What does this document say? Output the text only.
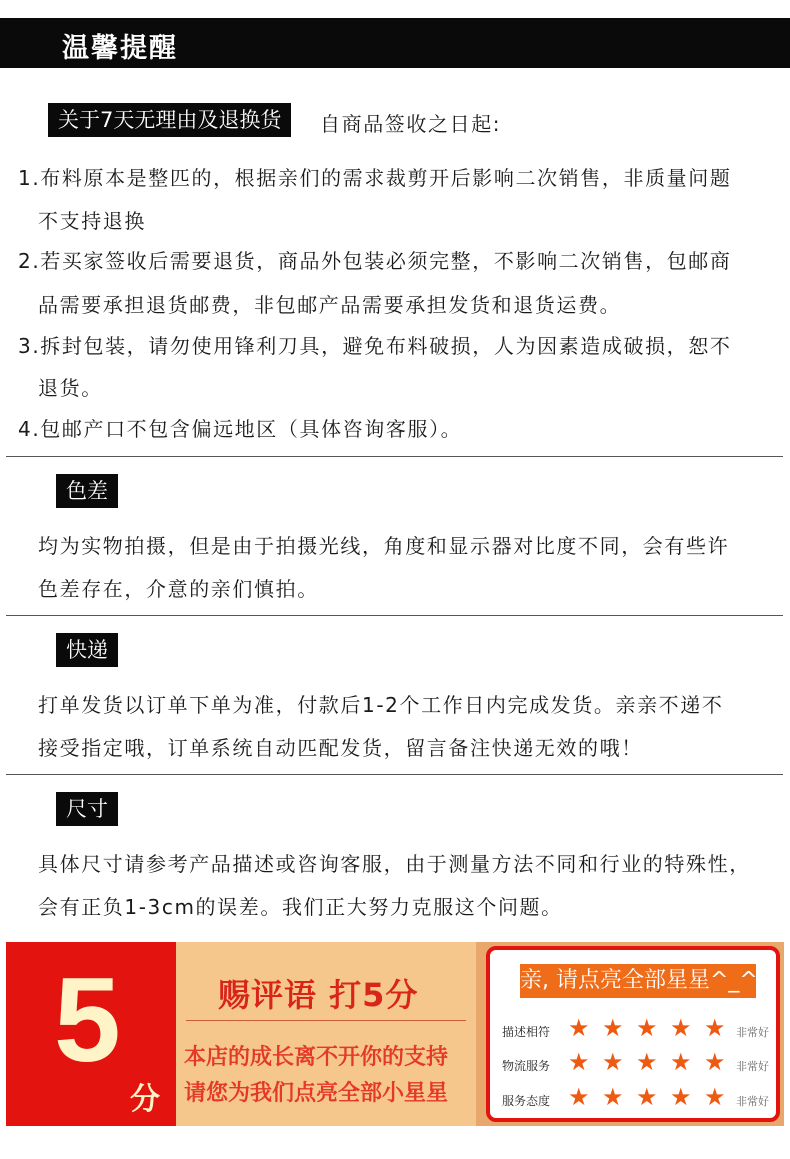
温馨提醒
关于7天无理由及退换货	自商品签收之日起:
1.布料原本是整匹的，根据亲们的需求裁剪开后影响二次销售，非质量问题
不支持退换
2.若买家签收后需要退货，商品外包装必须完整，不影响二次销售，包邮商
品需要承担退货邮费，非包邮产品需要承担发货和退货运费。
3.拆封包装，请勿使用锋利刀具，避免布料破损，人为因素造成破损，恕不
退货。
4.包邮产口不包含偏远地区（具体咨询客服）。
色差
均为实物拍摄，但是由于拍摄光线，角度和显示器对比度不同，会有些许
色差存在，介意的亲们慎拍。
快递
打单发货以订单下单为准，付款后1-2个工作日内完成发货。亲亲不递不
接受指定哦，订单系统自动匹配发货，留言备注快递无效的哦！
尺寸
具体尺寸请参考产品描述或咨询客服，由于测量方法不同和行业的特殊性，
会有正负1-3cm的误差。我们正大努力克服这个问题。
5
分
赐评语 打5分
本店的成长离不开你的支持
请您为我们点亮全部小星星
亲, 请点亮全部星星^_^
描述相符 ★ ★ ★ ★ ★ 非常好
物流服务 ★ ★ ★ ★ ★ 非常好
服务态度 ★ ★ ★ ★ ★ 非常好
